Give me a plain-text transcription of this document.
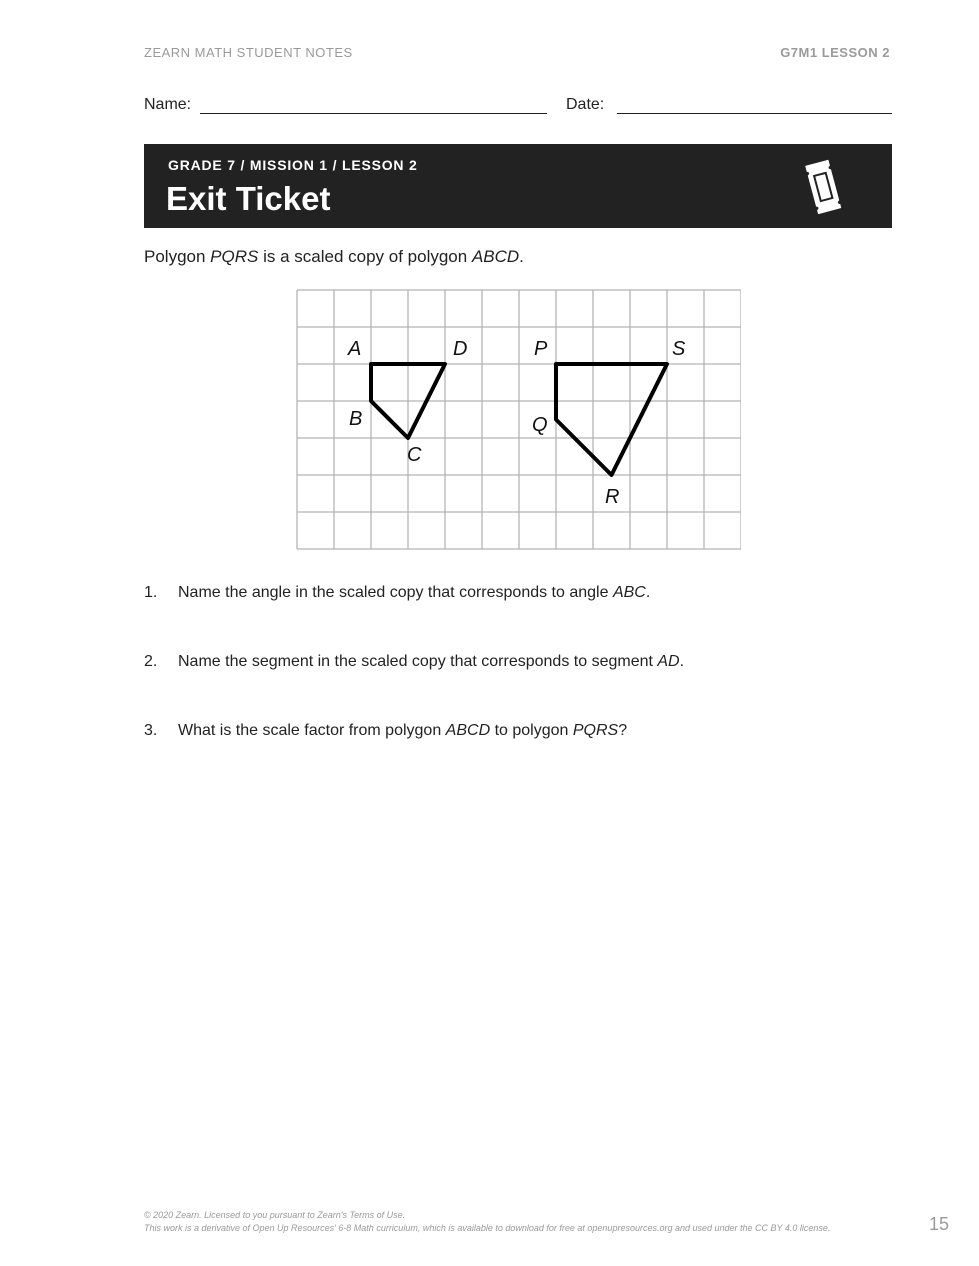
ZEARN MATH STUDENT NOTES	G7M1 LESSON 2
Name:	Date:
GRADE 7 / MISSION 1 / LESSON 2
Exit Ticket
Polygon PQRS is a scaled copy of polygon ABCD.
A	D	P	S
B	Q
C
R
1. Name the angle in the scaled copy that corresponds to angle ABC.
2. Name the segment in the scaled copy that corresponds to segment AD.
3. What is the scale factor from polygon ABCD to polygon PQRS?
© 2020 Zearn. Licensed to you pursuant to Zearn's Terms of Use.
This work is a derivative of Open Up Resources' 6-8 Math curriculum, which is available to download for free at openupresources.org and used under the CC BY 4.0 license.	15
